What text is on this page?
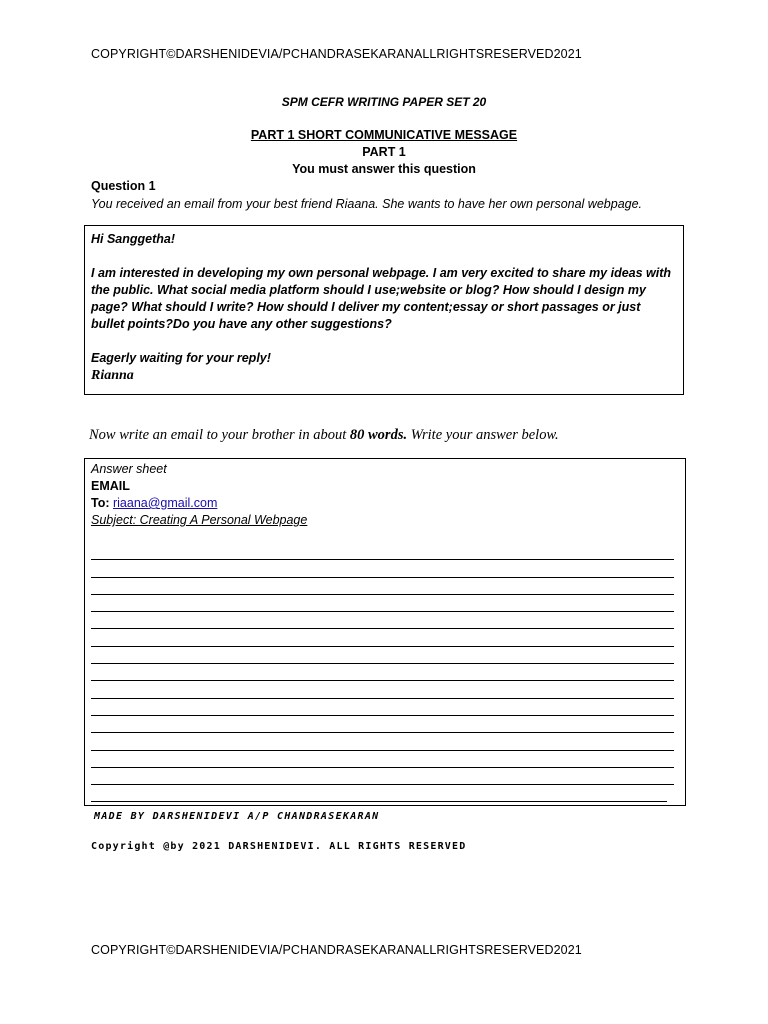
COPYRIGHT©DARSHENIDEVIA/PCHANDRASEKARANALLRIGHTSRESERVED2021
SPM CEFR WRITING PAPER SET 20
PART 1 SHORT COMMUNICATIVE MESSAGE
PART 1
You must answer this question
Question 1
You received an email from your best friend Riaana. She wants to have her own personal webpage.

Hi Sanggetha!

I am interested in developing my own personal webpage. I am very excited to share my ideas with the public. What social media platform should I use;website or blog? How should I design my page? What should I write? How should I deliver my content;essay or short passages or just bullet points?Do you have any other suggestions?

Eagerly waiting for your reply!

Rianna

Now write an email to your brother in about 80 words. Write your answer below.
Answer sheet
EMAIL
To: riaana@gmail.com
Subject: Creating A Personal Webpage
MADE BY DARSHENIDEVI A/P CHANDRASEKARAN
Copyright @by 2021 DARSHENIDEVI. ALL RIGHTS RESERVED
COPYRIGHT©DARSHENIDEVIA/PCHANDRASEKARANALLRIGHTSRESERVED2021
